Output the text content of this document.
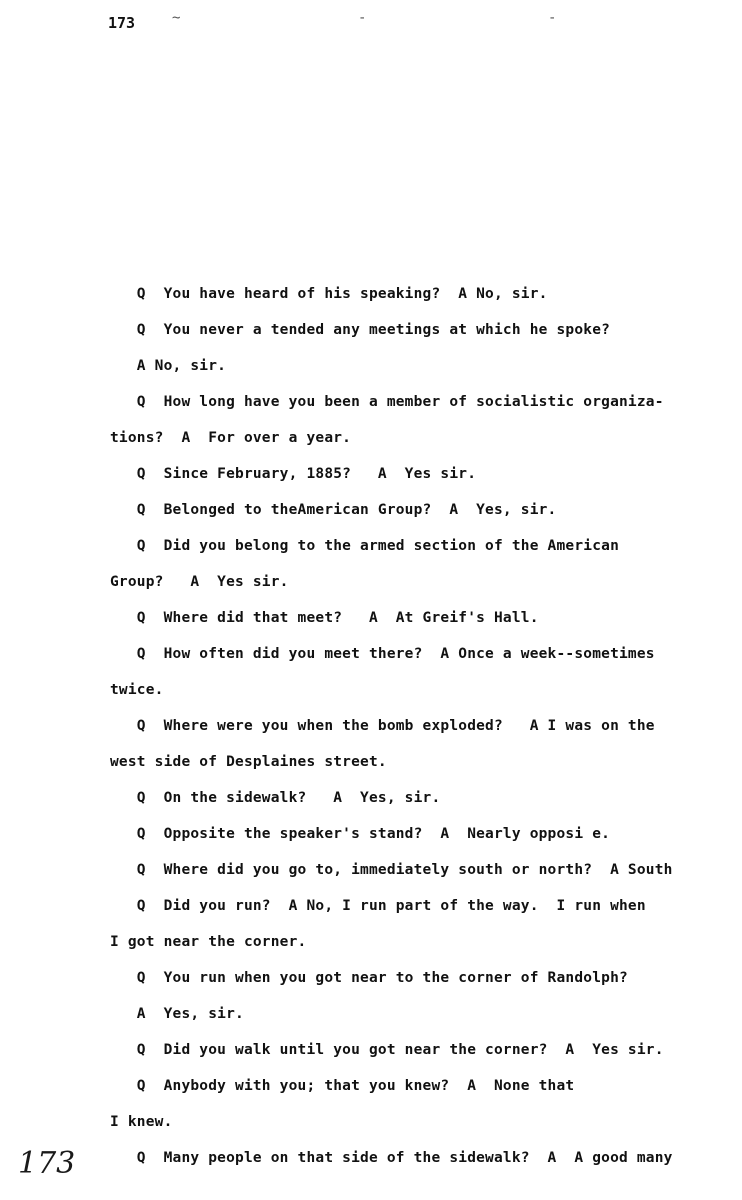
173	~	-	-
Q  You have heard of his speaking?  A No, sir.
Q  You never a tended any meetings at which he spoke?
A No, sir.
Q  How long have you been a member of socialistic organiza-
tions?  A  For over a year.
Q  Since February, 1885?   A  Yes sir.
Q  Belonged to theAmerican Group?  A  Yes, sir.
Q  Did you belong to the armed section of the American
Group?   A  Yes sir.
Q  Where did that meet?   A  At Greif's Hall.
Q  How often did you meet there?  A Once a week--sometimes
twice.
Q  Where were you when the bomb exploded?   A I was on the
west side of Desplaines street.
Q  On the sidewalk?   A  Yes, sir.
Q  Opposite the speaker's stand?  A  Nearly opposi e.
Q  Where did you go to, immediately south or north?  A South
Q  Did you run?  A No, I run part of the way.  I run when
I got near the corner.
Q  You run when you got near to the corner of Randolph?
A  Yes, sir.
Q  Did you walk until you got near the corner?  A  Yes sir.
Q  Anybody with you; that you knew?  A  None that
I knew.
Q  Many people on that side of the sidewalk?  A  A good many
173
